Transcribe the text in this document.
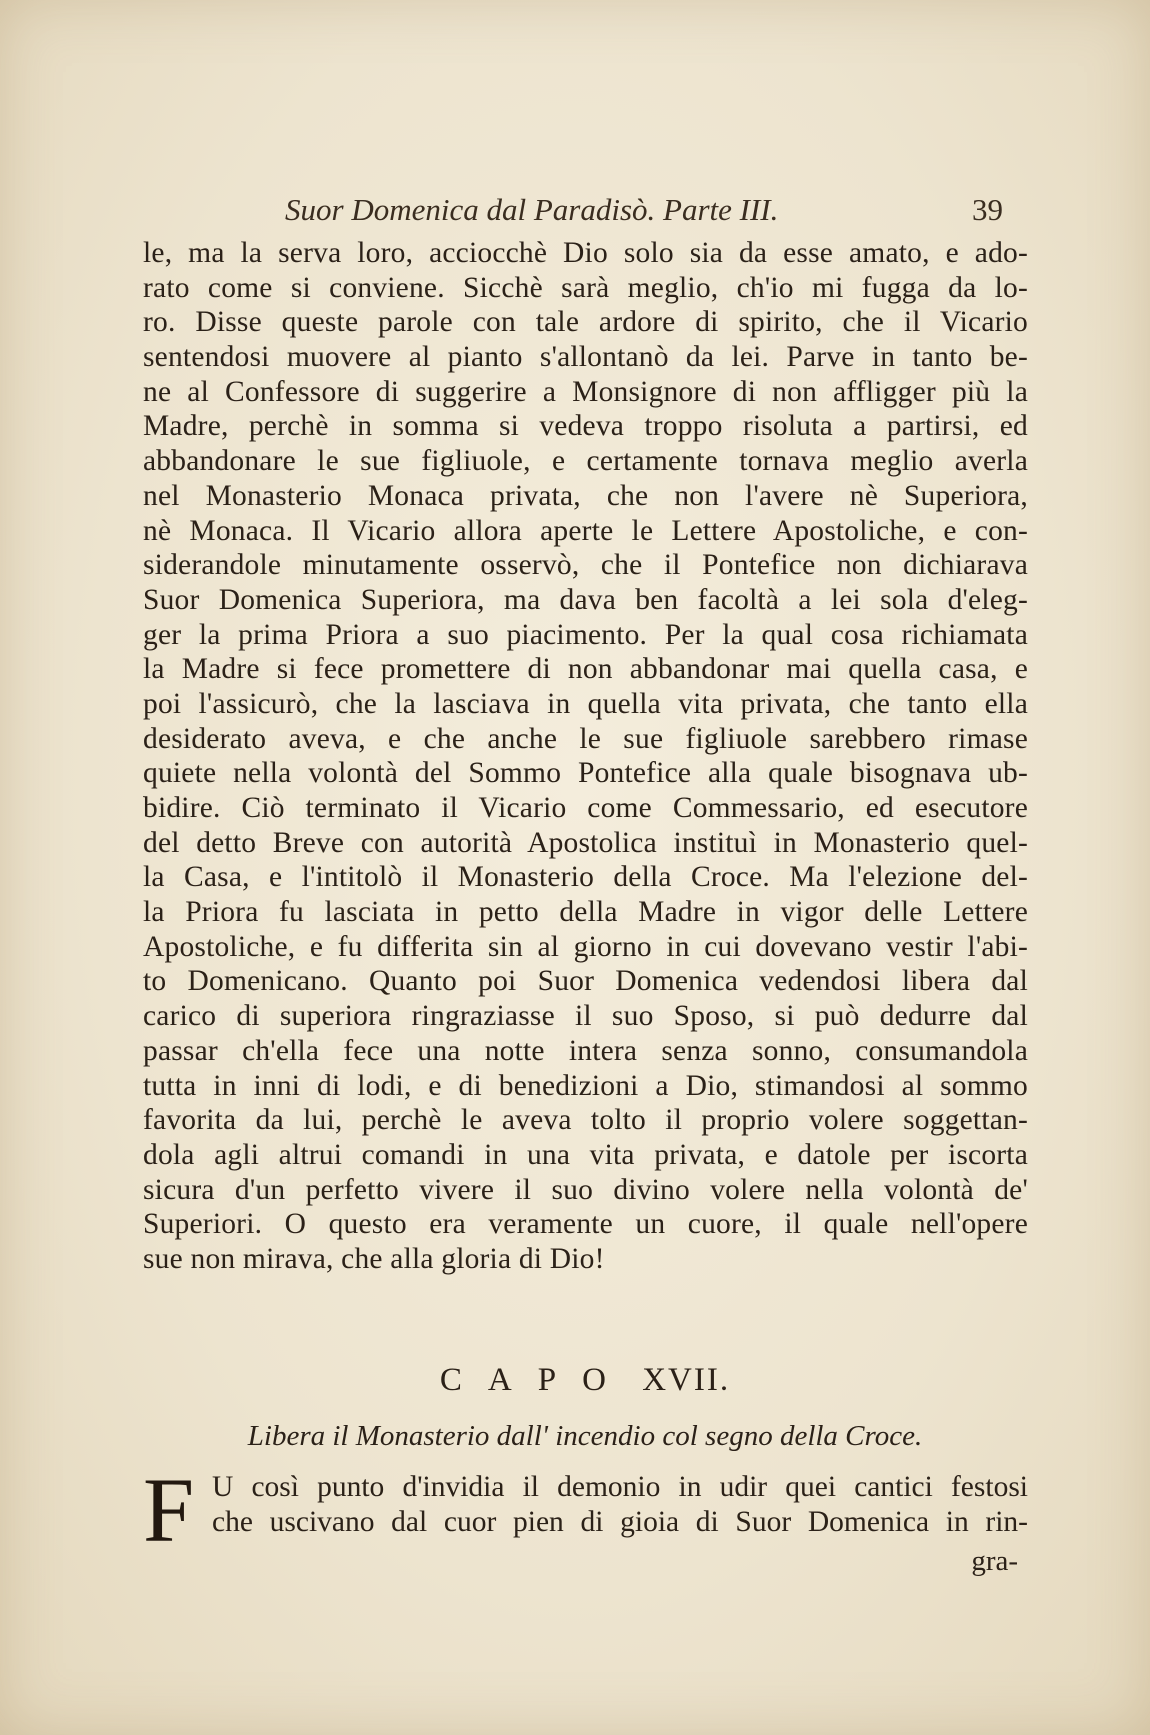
Suor Domenica dal Paradisò. Parte III.	39
le, ma la serva loro, acciocchè Dio solo sia da esse amato, e ado-
rato come si conviene. Sicchè sarà meglio, ch'io mi fugga da lo-
ro. Disse queste parole con tale ardore di spirito, che il Vicario
sentendosi muovere al pianto s'allontanò da lei. Parve in tanto be-
ne al Confessore di suggerire a Monsignore di non affligger più la
Madre, perchè in somma si vedeva troppo risoluta a partirsi, ed
abbandonare le sue figliuole, e certamente tornava meglio averla
nel Monasterio Monaca privata, che non l'avere nè Superiora,
nè Monaca. Il Vicario allora aperte le Lettere Apostoliche, e con-
siderandole minutamente osservò, che il Pontefice non dichiarava
Suor Domenica Superiora, ma dava ben facoltà a lei sola d'eleg-
ger la prima Priora a suo piacimento. Per la qual cosa richiamata
la Madre si fece promettere di non abbandonar mai quella casa, e
poi l'assicurò, che la lasciava in quella vita privata, che tanto ella
desiderato aveva, e che anche le sue figliuole sarebbero rimase
quiete nella volontà del Sommo Pontefice alla quale bisognava ub-
bidire. Ciò terminato il Vicario come Commessario, ed esecutore
del detto Breve con autorità Apostolica instituì in Monasterio quel-
la Casa, e l'intitolò il Monasterio della Croce. Ma l'elezione del-
la Priora fu lasciata in petto della Madre in vigor delle Lettere
Apostoliche, e fu differita sin al giorno in cui dovevano vestir l'abi-
to Domenicano. Quanto poi Suor Domenica vedendosi libera dal
carico di superiora ringraziasse il suo Sposo, si può dedurre dal
passar ch'ella fece una notte intera senza sonno, consumandola
tutta in inni di lodi, e di benedizioni a Dio, stimandosi al sommo
favorita da lui, perchè le aveva tolto il proprio volere soggettan-
dola agli altrui comandi in una vita privata, e datole per iscorta
sicura d'un perfetto vivere il suo divino volere nella volontà de'
Superiori. O questo era veramente un cuore, il quale nell'opere
sue non mirava, che alla gloria di Dio!
CAPO XVII.
Libera il Monasterio dall' incendio col segno della Croce.
F U così punto d'invidia il demonio in udir quei cantici festosi
che uscivano dal cuor pien di gioia di Suor Domenica in rin-
gra-
